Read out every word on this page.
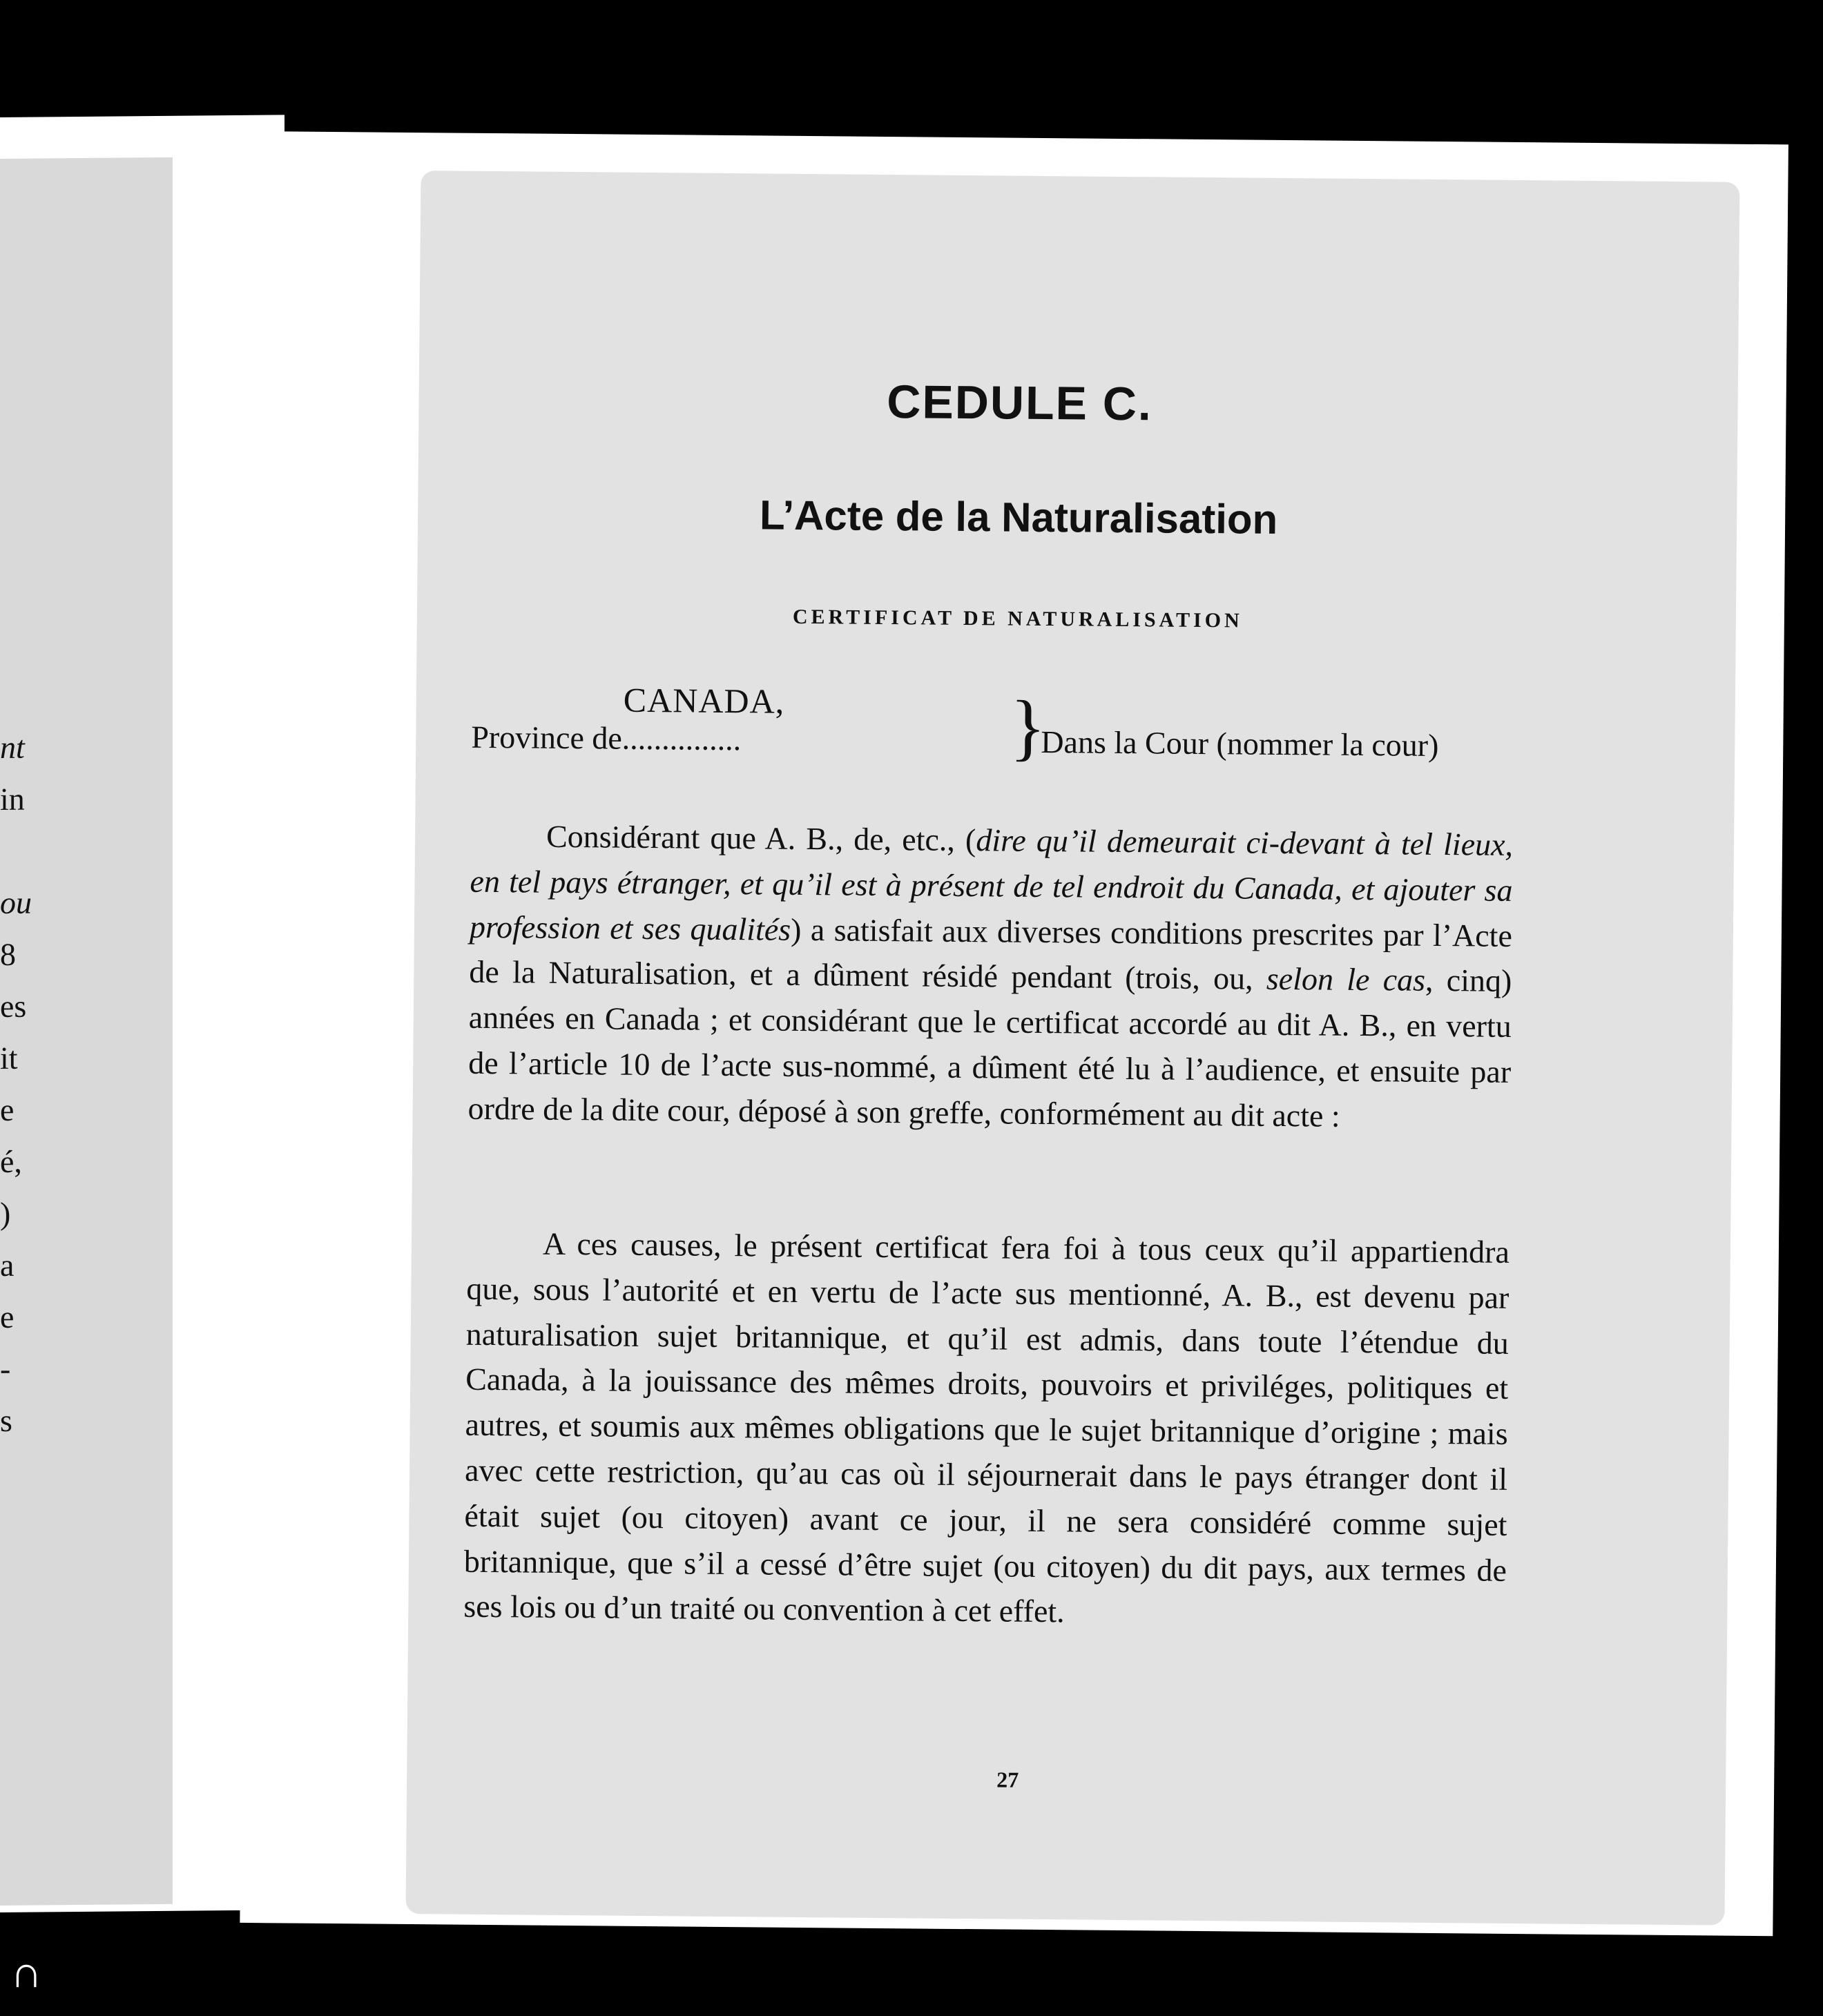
nt
in
ou
8
es
it
e
é,
)
a
e
-
s
CEDULE C.
L’Acte de la Naturalisation
CERTIFICAT DE NATURALISATION
CANADA,
Province de...............	}
Dans la Cour (nommer la cour)
Considérant que A. B., de, etc., (dire qu’il demeurait ci-devant à tel lieux, en tel pays étranger, et qu’il est à présent de tel endroit du Canada, et ajouter sa profession et ses qualités) a satisfait aux diverses conditions prescrites par l’Acte de la Naturalisation, et a dûment résidé pendant (trois, ou, selon le cas, cinq) années en Canada ; et considérant que le certificat accordé au dit A. B., en vertu de l’article 10 de l’acte sus-nommé, a dûment été lu à l’audience, et ensuite par ordre de la dite cour, déposé à son greffe, conformément au dit acte :
A ces causes, le présent certificat fera foi à tous ceux qu’il appartiendra que, sous l’autorité et en vertu de l’acte sus mentionné, A. B., est devenu par naturalisation sujet britannique, et qu’il est admis, dans toute l’étendue du Canada, à la jouissance des mêmes droits, pouvoirs et priviléges, politiques et autres, et soumis aux mêmes obligations que le sujet britannique d’origine ; mais avec cette restriction, qu’au cas où il séjournerait dans le pays étranger dont il était sujet (ou citoyen) avant ce jour, il ne sera considéré comme sujet britannique, que s’il a cessé d’être sujet (ou citoyen) du dit pays, aux termes de ses lois ou d’un traité ou convention à cet effet.
27
∩
